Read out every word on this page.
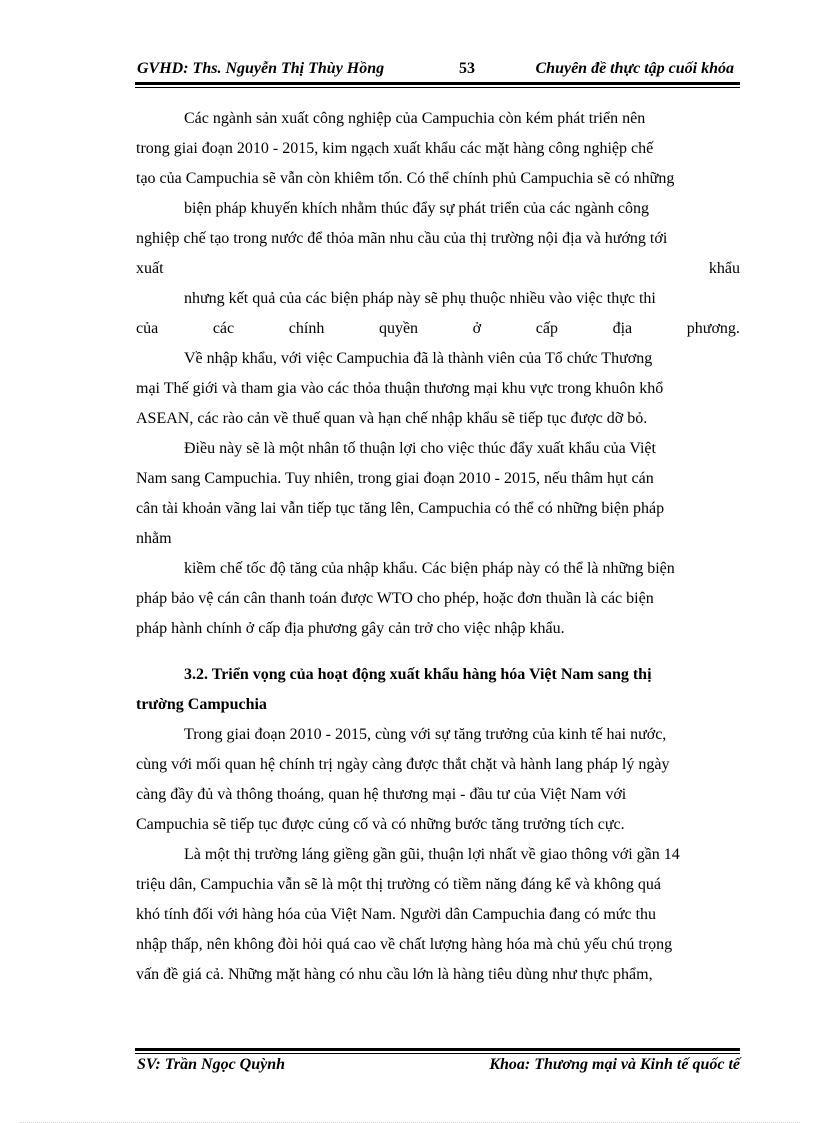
GVHD: Ths. Nguyễn Thị Thùy Hồng	53	Chuyên đề thực tập cuối khóa
Các ngành sản xuất công nghiệp của Campuchia còn kém phát triển nên
trong giai đoạn 2010 - 2015, kim ngạch xuất khẩu các mặt hàng công nghiệp chế
tạo của Campuchia sẽ vẫn còn khiêm tốn. Có thể chính phủ Campuchia sẽ có những
biện pháp khuyến khích nhằm thúc đẩy sự phát triển của các ngành công
nghiệp chế tạo trong nước để thỏa mãn nhu cầu của thị trường nội địa và hướng tới
xuất	khẩu
nhưng kết quả của các biện pháp này sẽ phụ thuộc nhiều vào việc thực thi
của	các	chính	quyền	ở	cấp	địa	phương.
Về nhập khẩu, với việc Campuchia đã là thành viên của Tổ chức Thương
mại Thế giới và tham gia vào các thỏa thuận thương mại khu vực trong khuôn khổ
ASEAN, các rào cản về thuế quan và hạn chế nhập khẩu sẽ tiếp tục được dỡ bỏ.
Điều này sẽ là một nhân tố thuận lợi cho việc thúc đẩy xuất khẩu của Việt
Nam sang Campuchia. Tuy nhiên, trong giai đoạn 2010 - 2015, nếu thâm hụt cán
cân tài khoản vãng lai vẫn tiếp tục tăng lên, Campuchia có thể có những biện pháp
nhằm
kiềm chế tốc độ tăng của nhập khẩu. Các biện pháp này có thể là những biện
pháp bảo vệ cán cân thanh toán được WTO cho phép, hoặc đơn thuần là các biện
pháp hành chính ở cấp địa phương gây cản trở cho việc nhập khẩu.
3.2. Triển vọng của hoạt động xuất khẩu hàng hóa Việt Nam sang thị
trường Campuchia
Trong giai đoạn 2010 - 2015, cùng với sự tăng trưởng của kinh tế hai nước,
cùng với mối quan hệ chính trị ngày càng được thắt chặt và hành lang pháp lý ngày
càng đầy đủ và thông thoáng, quan hệ thương mại - đầu tư của Việt Nam với
Campuchia sẽ tiếp tục được củng cố và có những bước tăng trưởng tích cực.
Là một thị trường láng giềng gần gũi, thuận lợi nhất về giao thông với gần 14
triệu dân, Campuchia vẫn sẽ là một thị trường có tiềm năng đáng kể và không quá
khó tính đối với hàng hóa của Việt Nam. Người dân Campuchia đang có mức thu
nhập thấp, nên không đòi hỏi quá cao về chất lượng hàng hóa mà chủ yếu chú trọng
vấn đề giá cả. Những mặt hàng có nhu cầu lớn là hàng tiêu dùng như thực phẩm,
SV: Trần Ngọc Quỳnh	Khoa: Thương mại và Kinh tế quốc tế
